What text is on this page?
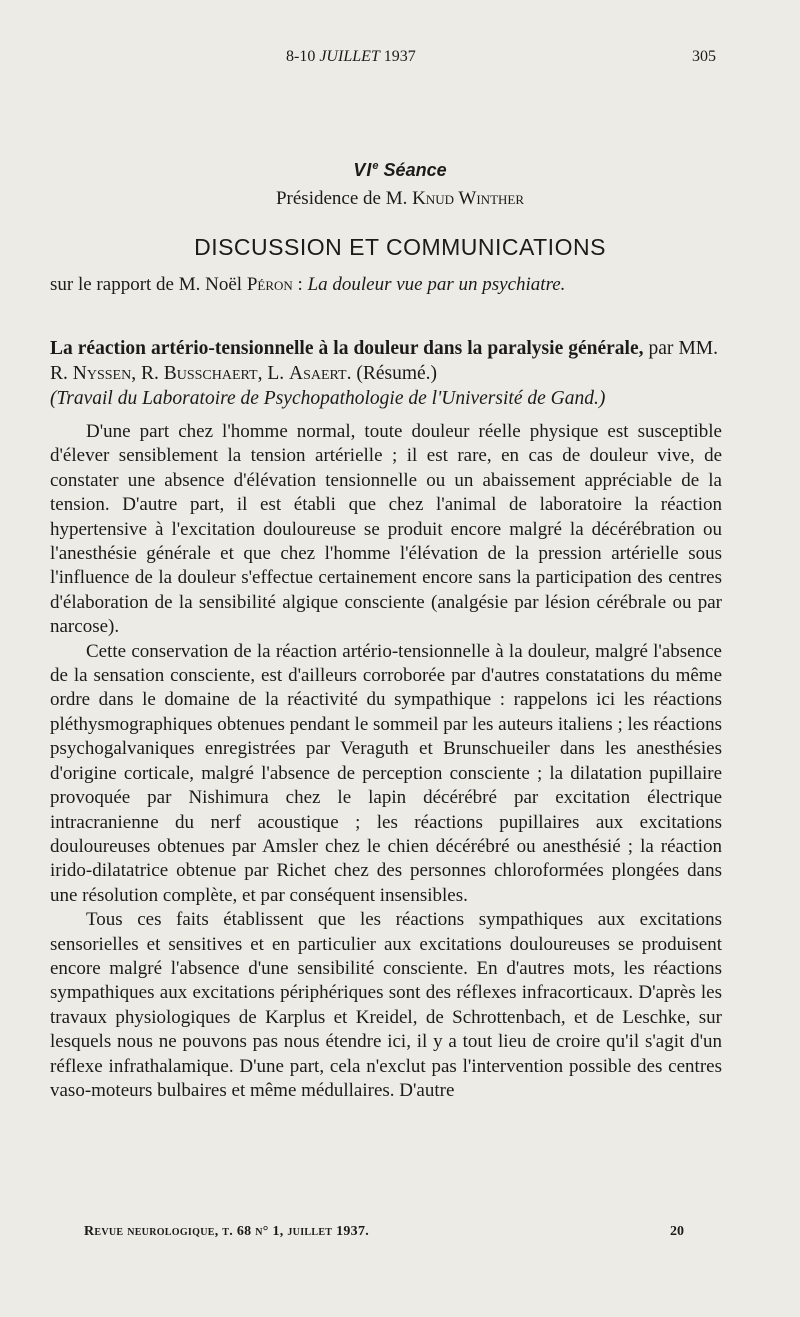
8-10 JUILLET 1937	305
VIe Séance
Présidence de M. Knud Winther
DISCUSSION ET COMMUNICATIONS
sur le rapport de M. Noël Péron : La douleur vue par un psychiatre.
La réaction artério-tensionnelle à la douleur dans la paralysie générale, par MM. R. Nyssen, R. Busschaert, L. Asaert. (Résumé.)
(Travail du Laboratoire de Psychopathologie de l'Université de Gand.)

D'une part chez l'homme normal, toute douleur réelle physique est susceptible d'élever sensiblement la tension artérielle ; il est rare, en cas de douleur vive, de constater une absence d'élévation tensionnelle ou un abaissement appréciable de la tension. D'autre part, il est établi que chez l'animal de laboratoire la réaction hypertensive à l'excitation douloureuse se produit encore malgré la décérébration ou l'anesthésie générale et que chez l'homme l'élévation de la pression artérielle sous l'influence de la douleur s'effectue certainement encore sans la participation des centres d'élaboration de la sensibilité algique consciente (analgésie par lésion cérébrale ou par narcose).

Cette conservation de la réaction artério-tensionnelle à la douleur, malgré l'absence de la sensation consciente, est d'ailleurs corroborée par d'autres constatations du même ordre dans le domaine de la réactivité du sympathique : rappelons ici les réactions pléthysmographiques obtenues pendant le sommeil par les auteurs italiens ; les réactions psychogalvaniques enregistrées par Veraguth et Brunschueiler dans les anesthésies d'origine corticale, malgré l'absence de perception consciente ; la dilatation pupillaire provoquée par Nishimura chez le lapin décérébré par excitation électrique intracranienne du nerf acoustique ; les réactions pupillaires aux excitations douloureuses obtenues par Amsler chez le chien décérébré ou anesthésié ; la réaction irido-dilatatrice obtenue par Richet chez des personnes chloroformées plongées dans une résolution complète, et par conséquent insensibles.

Tous ces faits établissent que les réactions sympathiques aux excitations sensorielles et sensitives et en particulier aux excitations douloureuses se produisent encore malgré l'absence d'une sensibilité consciente. En d'autres mots, les réactions sympathiques aux excitations périphériques sont des réflexes infracorticaux. D'après les travaux physiologiques de Karplus et Kreidel, de Schrottenbach, et de Leschke, sur lesquels nous ne pouvons pas nous étendre ici, il y a tout lieu de croire qu'il s'agit d'un réflexe infrathalamique. D'une part, cela n'exclut pas l'intervention possible des centres vaso-moteurs bulbaires et même médullaires. D'autre

Revue neurologique, t. 68 n° 1, juillet 1937.	20
